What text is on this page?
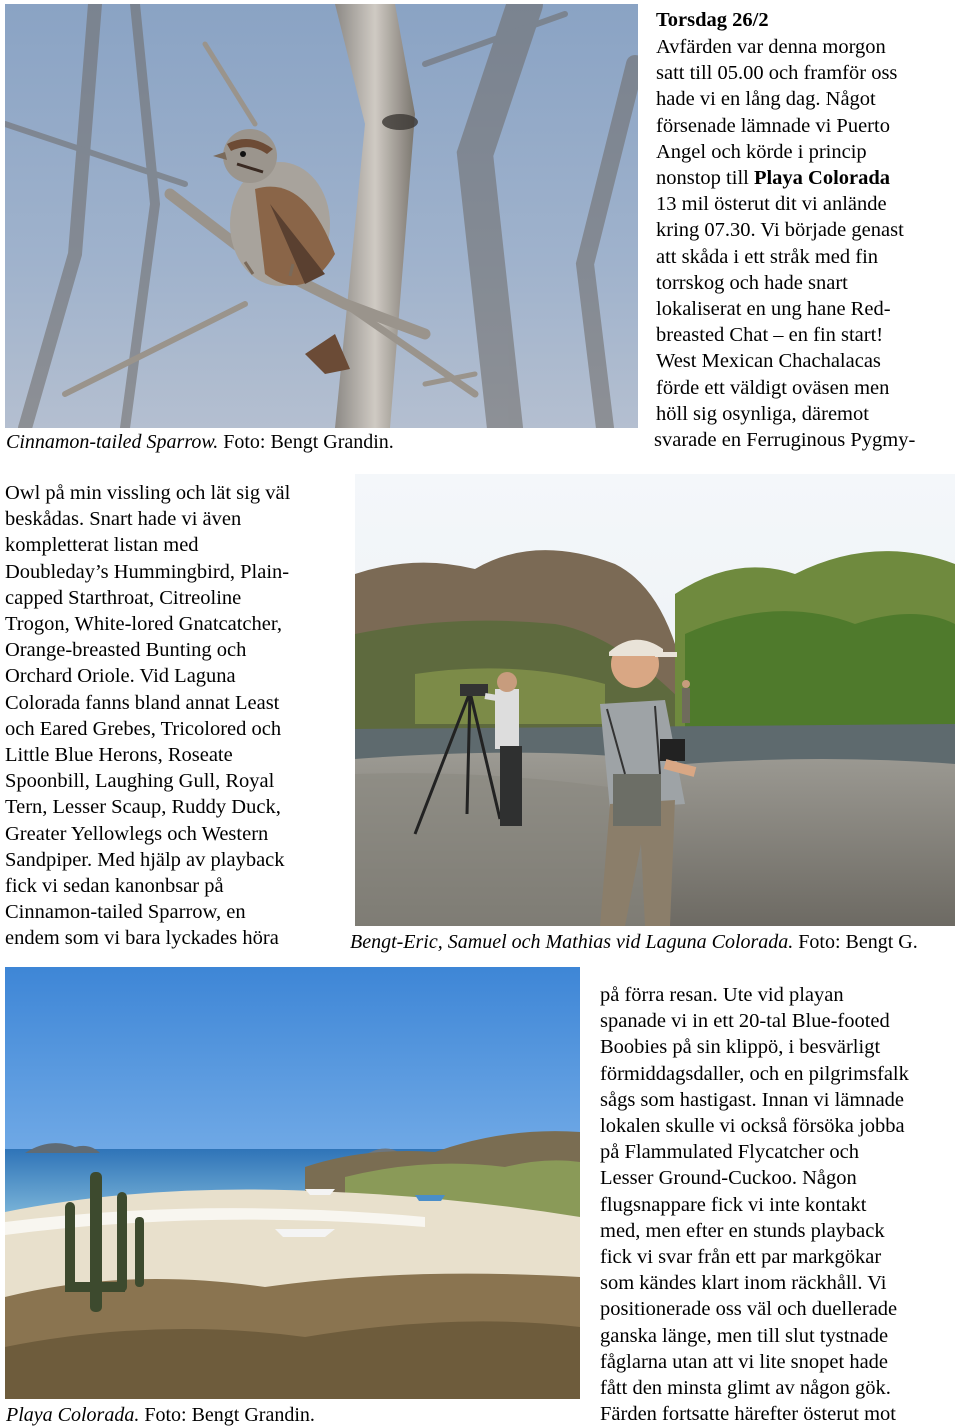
Cinnamon-tailed Sparrow. Foto: Bengt Grandin.

Torsdag 26/2

Avfärden var denna morgon
satt till 05.00 och framför oss
hade vi en lång dag. Något
försenade lämnade vi Puerto
Angel och körde i princip
nonstop till Playa Colorada
13 mil österut dit vi anlände
kring 07.30. Vi började genast
att skåda i ett stråk med fin
torrskog och hade snart
lokaliserat en ung hane Red-
breasted Chat – en fin start!
West Mexican Chachalacas
förde ett väldigt oväsen men
höll sig osynliga, däremot
svarade en Ferruginous Pygmy-
Owl på min vissling och lät sig väl
beskådas. Snart hade vi även
kompletterat listan med
Doubleday’s Hummingbird, Plain-
capped Starthroat, Citreoline
Trogon, White-lored Gnatcatcher,
Orange-breasted Bunting och
Orchard Oriole. Vid Laguna
Colorada fanns bland annat Least
och Eared Grebes, Tricolored och
Little Blue Herons, Roseate
Spoonbill, Laughing Gull, Royal
Tern, Lesser Scaup, Ruddy Duck,
Greater Yellowlegs och Western
Sandpiper. Med hjälp av playback
fick vi sedan kanonbsar på
Cinnamon-tailed Sparrow, en
endem som vi bara lyckades höra	Bengt-Eric, Samuel och Mathias vid Laguna Colorada. Foto: Bengt G.
Playa Colorada. Foto: Bengt Grandin.
på förra resan. Ute vid playan
spanade vi in ett 20-tal Blue-footed
Boobies på sin klippö, i besvärligt
förmiddagsdaller, och en pilgrimsfalk
sågs som hastigast. Innan vi lämnade
lokalen skulle vi också försöka jobba
på Flammulated Flycatcher och
Lesser Ground-Cuckoo. Någon
flugsnappare fick vi inte kontakt
med, men efter en stunds playback
fick vi svar från ett par markgökar
som kändes klart inom räckhåll. Vi
positionerade oss väl och duellerade
ganska länge, men till slut tystnade
fåglarna utan att vi lite snopet hade
fått den minsta glimt av någon gök.
Färden fortsatte härefter österut mot
